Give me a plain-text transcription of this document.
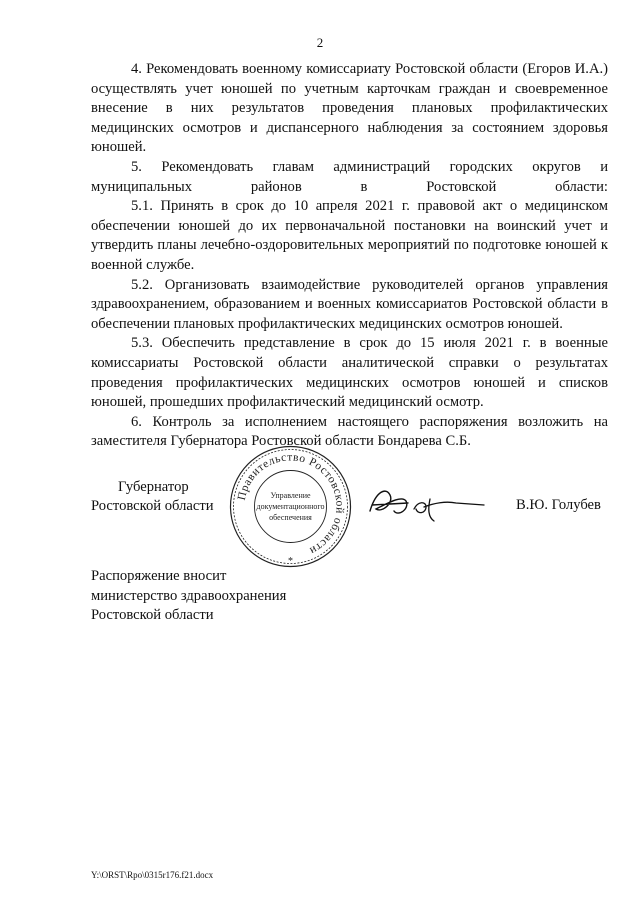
2

4. Рекомендовать военному комиссариату Ростовской области (Егоров И.А.) осуществлять учет юношей по учетным карточкам граждан и своевременное внесение в них результатов проведения плановых профилактических медицинских осмотров и диспансерного наблюдения за состоянием здоровья юношей.

5. Рекомендовать главам администраций городских округов и муниципальных районов в Ростовской области:

5.1. Принять в срок до 10 апреля 2021 г. правовой акт о медицинском обеспечении юношей до их первоначальной постановки на воинский учет и утвердить планы лечебно-оздоровительных мероприятий по подготовке юношей к военной службе.

5.2. Организовать взаимодействие руководителей органов управления здравоохранением, образованием и военных комиссариатов Ростовской области в обеспечении плановых профилактических медицинских осмотров юношей.

5.3. Обеспечить представление в срок до 15 июля 2021 г. в военные комиссариаты Ростовской области аналитической справки о результатах проведения профилактических медицинских осмотров юношей и списков юношей, прошедших профилактический медицинский осмотр.

6. Контроль за исполнением настоящего распоряжения возложить на заместителя Губернатора Ростовской области Бондарева С.Б.

Губернатор
Ростовской области
Правительство Ростовской области
Управление
документационного
обеспечения
*
В.Ю. Голубев
Распоряжение вносит
министерство здравоохранения
Ростовской области
Y:\ORST\Rpo\0315r176.f21.docx
